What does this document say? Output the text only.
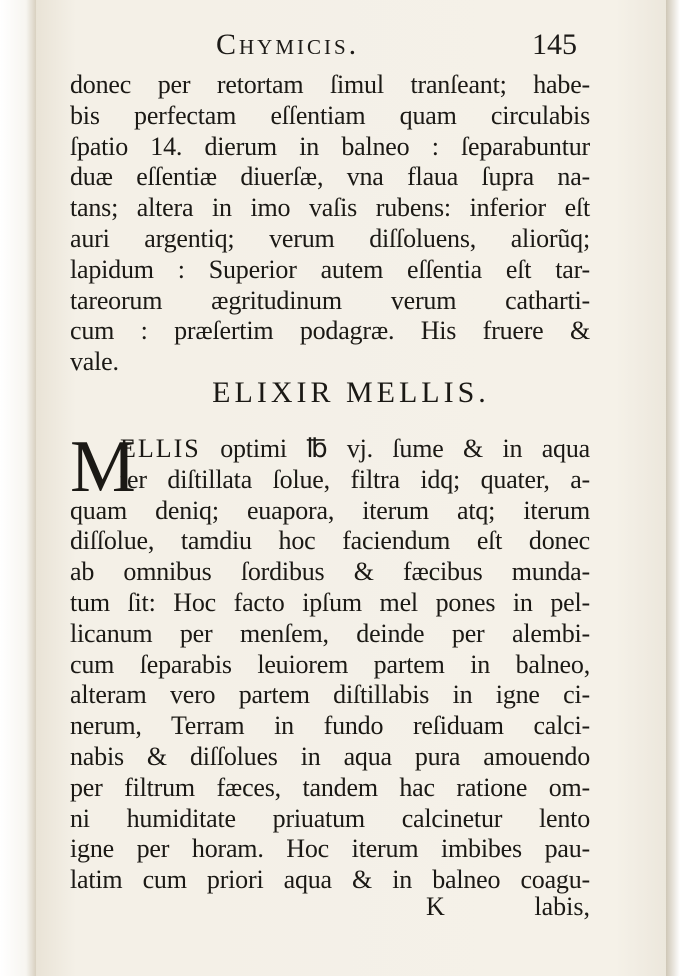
Chymicis.	145
donec per retortam ſimul tranſeant; habe-
bis perfectam eſſentiam quam circulabis
ſpatio 14. dierum in balneo : ſeparabuntur
duæ eſſentiæ diuerſæ, vna flaua ſupra na-
tans; altera in imo vaſis rubens: inferior eſt
auri argentiq; verum diſſoluens, aliorũq;
lapidum : Superior autem eſſentia eſt tar-
tareorum ægritudinum verum catharti-
cum : præſertim podagræ. His fruere &
vale.
ELIXIR MELLIS.
M
ELLIS optimi ℔ vj. ſume & in aqua
ter diſtillata ſolue, filtra idq; quater, a-
quam deniq; euapora, iterum atq; iterum
diſſolue, tamdiu hoc faciendum eſt donec
ab omnibus ſordibus & fæcibus munda-
tum ſit: Hoc facto ipſum mel pones in pel-
licanum per menſem, deinde per alembi-
cum ſeparabis leuiorem partem in balneo,
alteram vero partem diſtillabis in igne ci-
nerum, Terram in fundo reſiduam calci-
nabis & diſſolues in aqua pura amouendo
per filtrum fæces, tandem hac ratione om-
ni humiditate priuatum calcinetur lento
igne per horam. Hoc iterum imbibes pau-
latim cum priori aqua & in balneo coagu-
K	labis,
